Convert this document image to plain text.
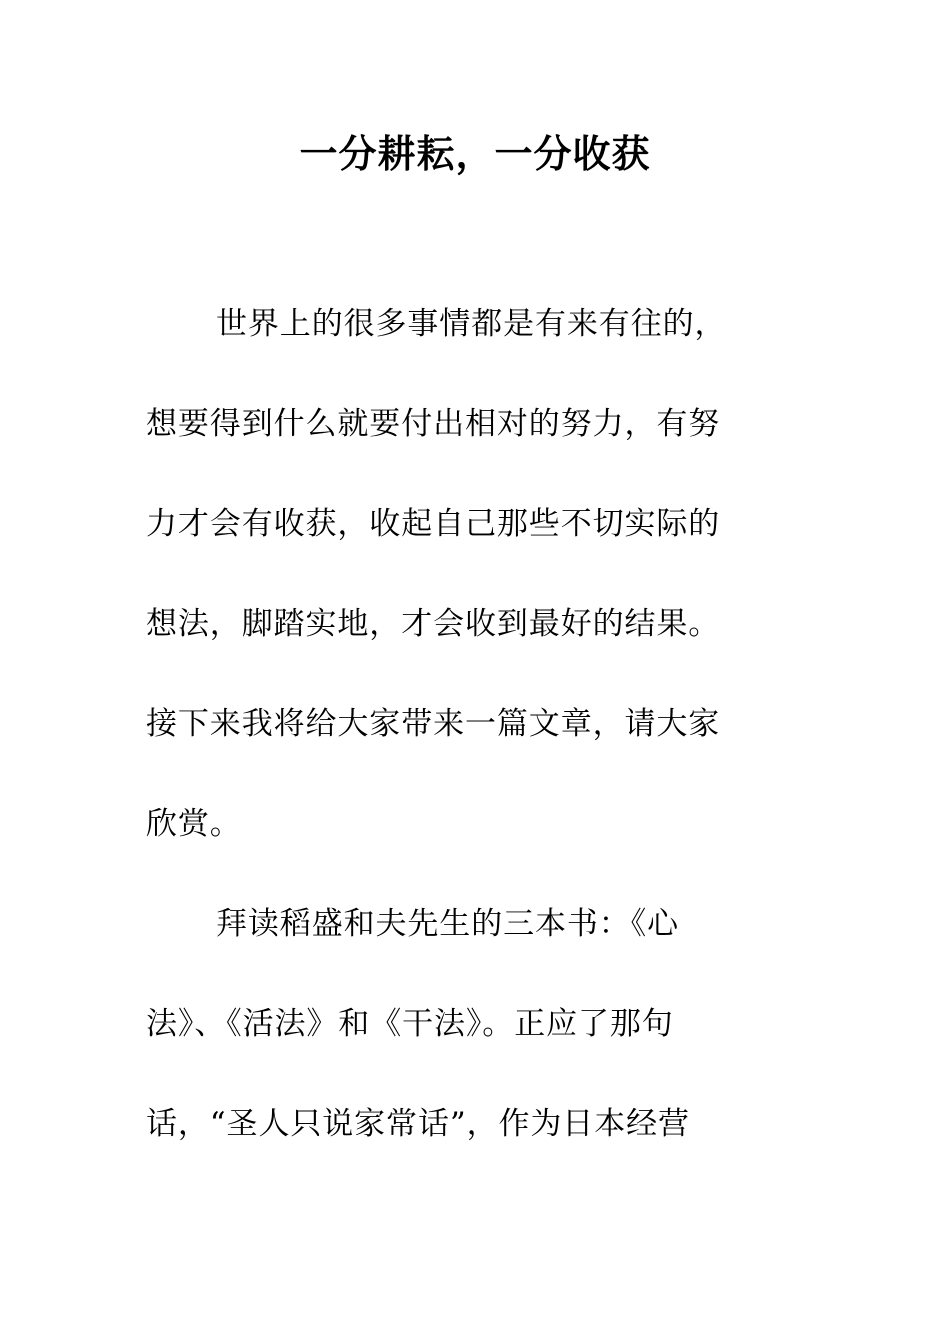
一分耕耘，一分收获
世界上的很多事情都是有来有往的，
想要得到什么就要付出相对的努力，有努
力才会有收获，收起自己那些不切实际的
想法，脚踏实地，才会收到最好的结果。
接下来我将给大家带来一篇文章，请大家
欣赏。
拜读稻盛和夫先生的三本书：《心
法》、《活法》和《干法》。正应了那句
话，“圣人只说家常话”，作为日本经营
